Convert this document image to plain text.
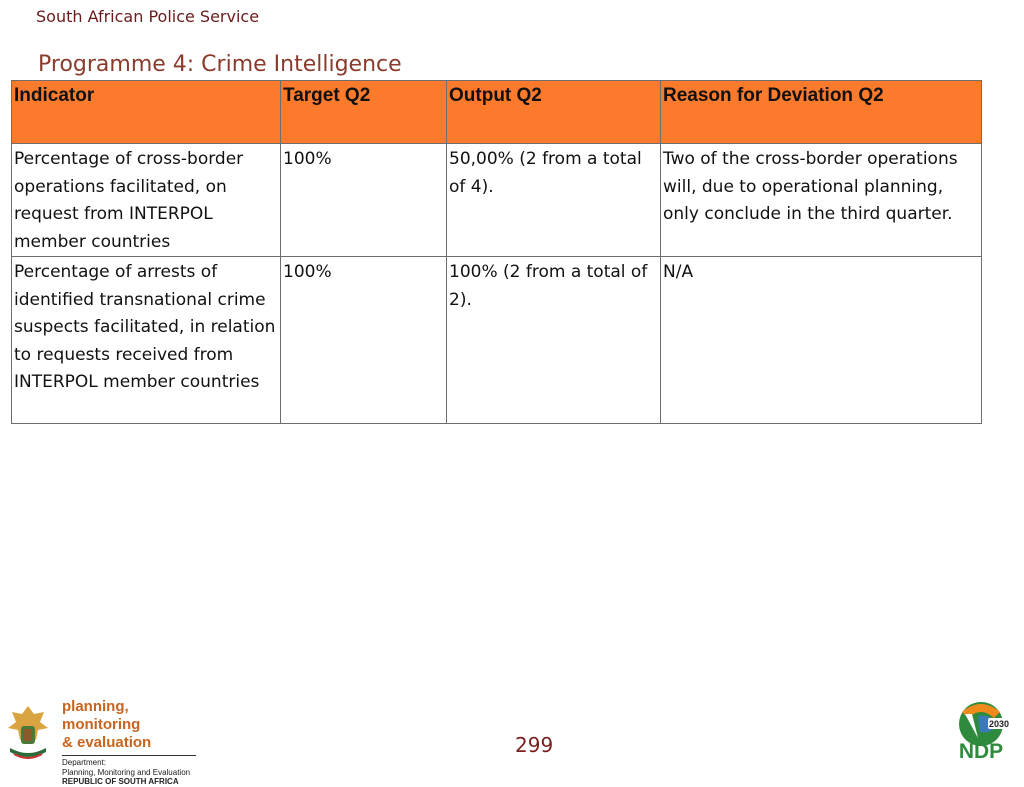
South African Police Service
Programme 4: Crime Intelligence
Indicator	Target Q2	Output Q2	Reason for Deviation Q2
Percentage of cross-border operations facilitated, on request from INTERPOL member countries	100%	50,00% (2 from a total of 4).	Two of the cross-border operations will, due to operational planning, only conclude in the third quarter.
Percentage of arrests of identified transnational crime suspects facilitated, in relation to requests received from INTERPOL member countries	100%	100% (2 from a total of 2).	N/A
planning, monitoring
& evaluation
Department:
Planning, Monitoring and Evaluation
REPUBLIC OF SOUTH AFRICA
299
2030
NDP
